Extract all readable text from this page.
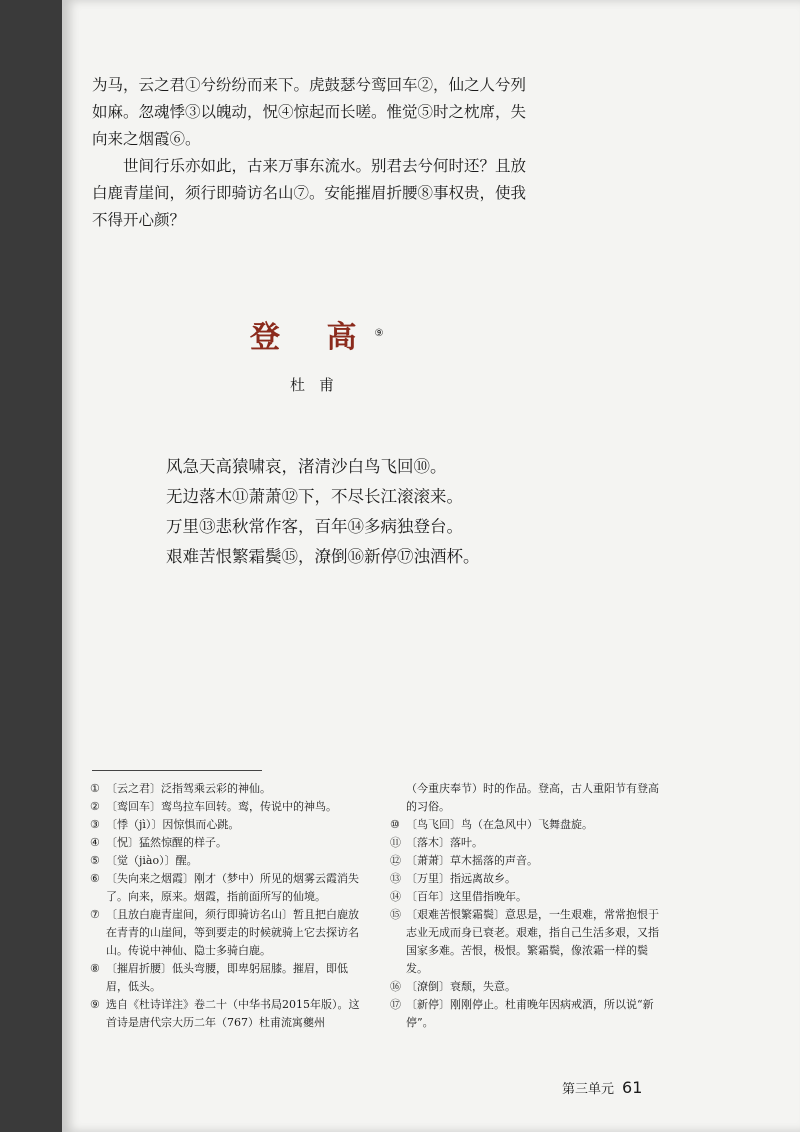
为马，云之君①兮纷纷而来下。虎鼓瑟兮鸾回车②，仙之人兮列如麻。忽魂悸③以魄动，怳④惊起而长嗟。惟觉⑤时之枕席，失向来之烟霞⑥。

世间行乐亦如此，古来万事东流水。别君去兮何时还？且放白鹿青崖间，须行即骑访名山⑦。安能摧眉折腰⑧事权贵，使我不得开心颜？

登 高⑨
杜甫
风急天高猿啸哀，渚清沙白鸟飞回⑩。
无边落木⑪萧萧⑫下，不尽长江滚滚来。
万里⑬悲秋常作客，百年⑭多病独登台。
艰难苦恨繁霜鬓⑮，潦倒⑯新停⑰浊酒杯。
① 〔云之君〕泛指驾乘云彩的神仙。
② 〔鸾回车〕鸾鸟拉车回转。鸾，传说中的神鸟。
③ 〔悸（jì）〕因惊惧而心跳。
④ 〔怳〕猛然惊醒的样子。
⑤ 〔觉（jiào）〕醒。
⑥ 〔失向来之烟霞〕刚才（梦中）所见的烟雾云霞消失了。向来，原来。烟霞，指前面所写的仙境。
⑦ 〔且放白鹿青崖间，须行即骑访名山〕暂且把白鹿放在青青的山崖间，等到要走的时候就骑上它去探访名山。传说中神仙、隐士多骑白鹿。
⑧ 〔摧眉折腰〕低头弯腰，即卑躬屈膝。摧眉，即低眉，低头。
⑨ 选自《杜诗详注》卷二十（中华书局2015年版）。这首诗是唐代宗大历二年（767）杜甫流寓夔州
（今重庆奉节）时的作品。登高，古人重阳节有登高的习俗。
⑩ 〔鸟飞回〕鸟（在急风中）飞舞盘旋。
⑪ 〔落木〕落叶。
⑫ 〔萧萧〕草木摇落的声音。
⑬ 〔万里〕指远离故乡。
⑭ 〔百年〕这里借指晚年。
⑮ 〔艰难苦恨繁霜鬓〕意思是，一生艰难，常常抱恨于志业无成而身已衰老。艰难，指自己生活多艰，又指国家多难。苦恨，极恨。繁霜鬓，像浓霜一样的鬓发。
⑯ 〔潦倒〕衰颓，失意。
⑰ 〔新停〕刚刚停止。杜甫晚年因病戒酒，所以说“新停”。
第三单元 61
